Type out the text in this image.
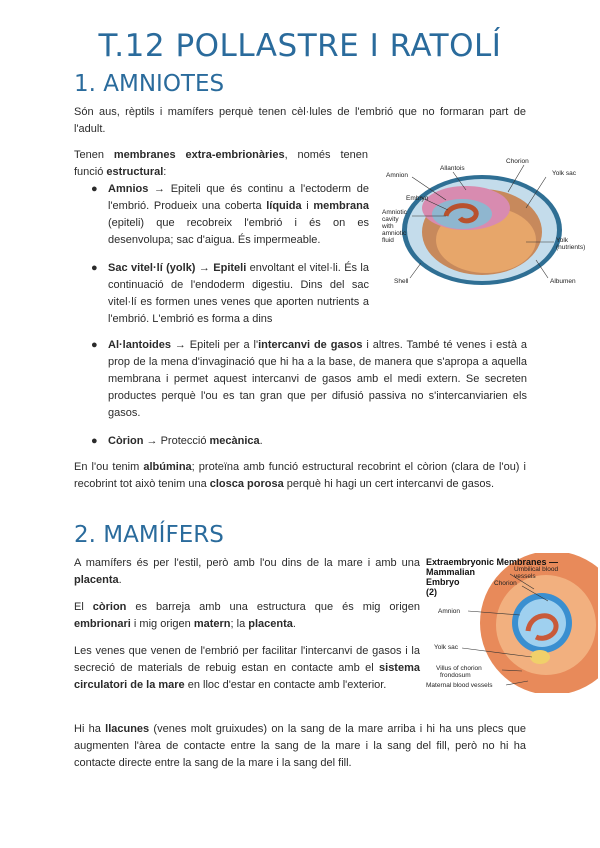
T.12 POLLASTRE I RATOLÍ
1. AMNIOTES
Són aus, rèptils i mamífers perquè tenen cèl·lules de l'embrió que no formaran part de l'adult.
Tenen membranes extra-embrionàries, només tenen funció estructural:
● Amnios → Epiteli que és continu a l'ectoderm de l'embrió. Produeix una coberta líquida i membrana (epiteli) que recobreix l'embrió i és on es desenvolupa; sac d'aigua. És impermeable.
● Sac vitel·lí (yolk) → Epiteli envoltant el vitel·li. És la continuació de l'endoderm digestiu. Dins del sac vitel·lí es formen unes venes que aporten nutrients a l'embrió. L'embrió es forma a dins
● Al·lantoides → Epiteli per a l'intercanvi de gasos i altres. També té venes i està a prop de la mena d'invaginació que hi ha a la base, de manera que s'apropa a aquella membrana i permet aquest intercanvi de gasos amb el medi extern. Se secreten productes perquè l'ou es tan gran que per difusió passiva no s'intercanviarien els gasos.
● Còrion → Protecció mecànica.
En l'ou tenim albúmina; proteïna amb funció estructural recobrint el còrion (clara de l'ou) i recobrint tot això tenim una closca porosa perquè hi hagi un cert intercanvi de gasos.
Amnion
Allantois
Chorion
Yolk sac
Embryo
Amniotic
cavity
with
amniotic
fluid	Yolk
(nutrients)
Shell	Albumen
2. MAMÍFERS
A mamífers és per l'estil, però amb l'ou dins de la mare i amb una placenta.
El còrion es barreja amb una estructura que és mig origen embrionari i mig origen matern; la placenta.
Les venes que venen de l'embrió per facilitar l'intercanvi de gasos i la secreció de materials de rebuig estan en contacte amb el sistema circulatori de la mare en lloc d'estar en contacte amb l'exterior.
Hi ha llacunes (venes molt gruixudes) on la sang de la mare arriba i hi ha uns plecs que augmenten l'àrea de contacte entre la sang de la mare i la sang del fill, però no hi ha contacte directe entre la sang de la mare i la sang del fill.
Extraembryonic Membranes —
Mammalian
Embryo
(2)
Umbilical blood
vessels
Chorion
Amnion
Yolk sac
Villus of chorion
frondosum
Maternal blood vessels
